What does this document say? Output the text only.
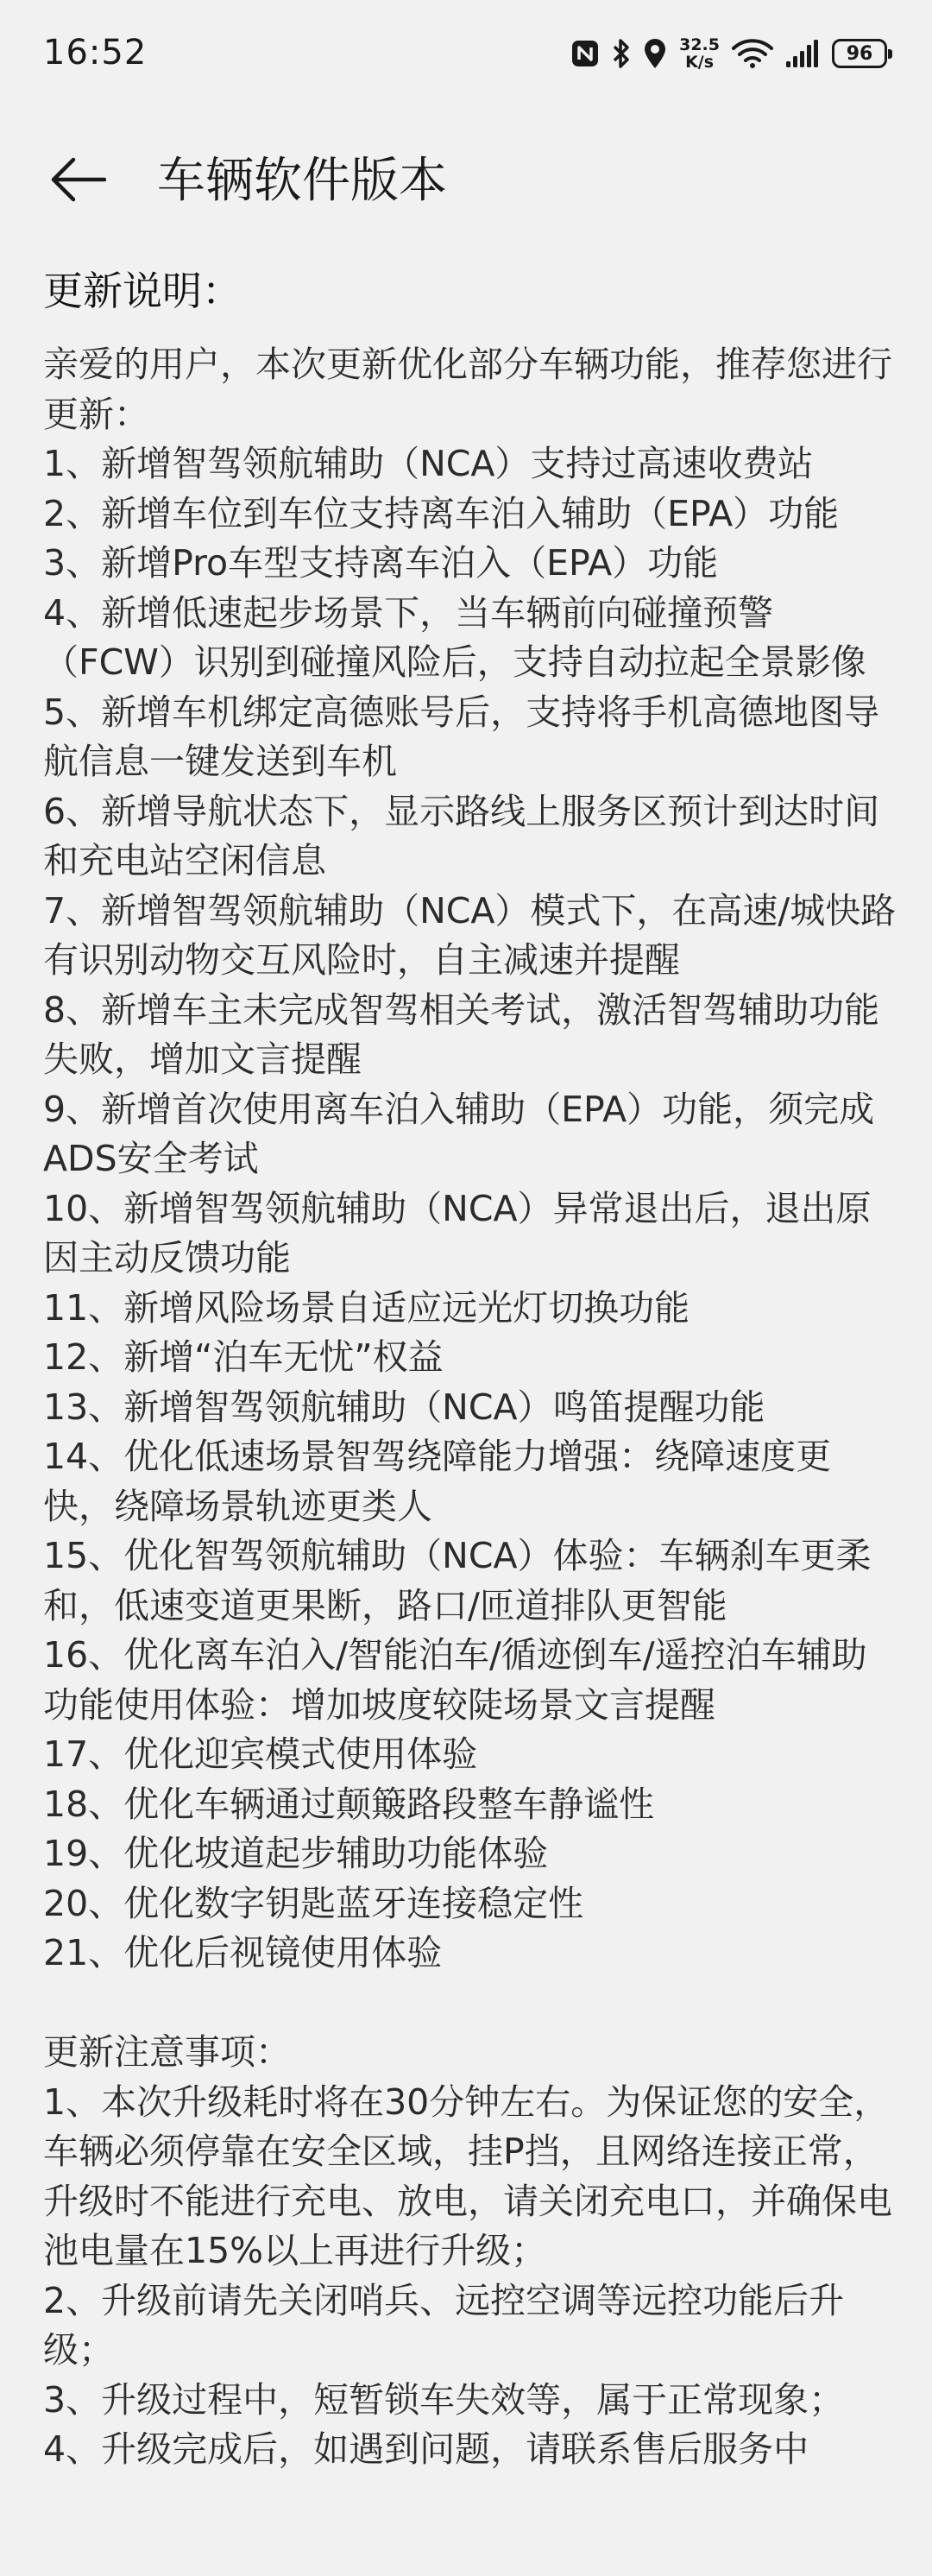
16:52	32.5
K/s	96
车辆软件版本
更新说明：

亲爱的用户，本次更新优化部分车辆功能，推荐您进行更新：

1、新增智驾领航辅助（NCA）支持过高速收费站

2、新增车位到车位支持离车泊入辅助（EPA）功能

3、新增Pro车型支持离车泊入（EPA）功能

4、新增低速起步场景下，当车辆前向碰撞预警（FCW）识别到碰撞风险后，支持自动拉起全景影像

5、新增车机绑定高德账号后，支持将手机高德地图导航信息一键发送到车机

6、新增导航状态下，显示路线上服务区预计到达时间和充电站空闲信息

7、新增智驾领航辅助（NCA）模式下，在高速/城快路有识别动物交互风险时，自主减速并提醒

8、新增车主未完成智驾相关考试，激活智驾辅助功能失败，增加文言提醒

9、新增首次使用离车泊入辅助（EPA）功能，须完成ADS安全考试

10、新增智驾领航辅助（NCA）异常退出后，退出原因主动反馈功能

11、新增风险场景自适应远光灯切换功能

12、新增“泊车无忧”权益

13、新增智驾领航辅助（NCA）鸣笛提醒功能

14、优化低速场景智驾绕障能力增强：绕障速度更快，绕障场景轨迹更类人

15、优化智驾领航辅助（NCA）体验：车辆刹车更柔和，低速变道更果断，路口/匝道排队更智能

16、优化离车泊入/智能泊车/循迹倒车/遥控泊车辅助功能使用体验：增加坡度较陡场景文言提醒

17、优化迎宾模式使用体验

18、优化车辆通过颠簸路段整车静谧性

19、优化坡道起步辅助功能体验

20、优化数字钥匙蓝牙连接稳定性

21、优化后视镜使用体验

更新注意事项：

1、本次升级耗时将在30分钟左右。为保证您的安全，车辆必须停靠在安全区域，挂P挡，且网络连接正常，升级时不能进行充电、放电，请关闭充电口，并确保电池电量在15%以上再进行升级；

2、升级前请先关闭哨兵、远控空调等远控功能后升级；

3、升级过程中，短暂锁车失效等，属于正常现象；

4、升级完成后，如遇到问题，请联系售后服务中
